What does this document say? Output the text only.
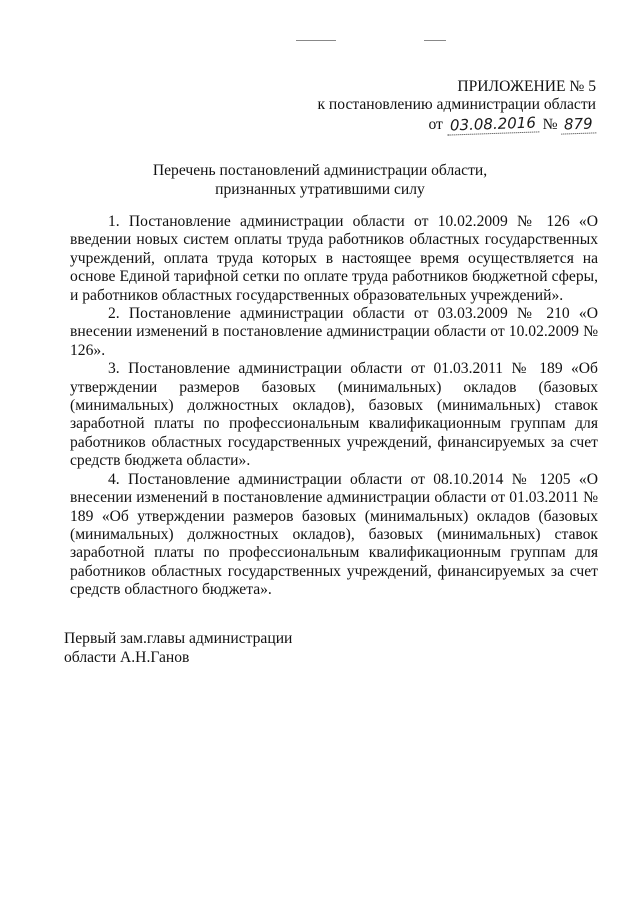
ПРИЛОЖЕНИЕ № 5
к постановлению администрации области
от 03.08.2016 № 879
Перечень постановлений администрации области,
признанных утратившими силу

1. Постановление администрации области от 10.02.2009 № 126 «О введении новых систем оплаты труда работников областных государственных учреждений, оплата труда которых в настоящее время осуществляется на основе Единой тарифной сетки по оплате труда работников бюджетной сферы, и работников областных государственных образовательных учреждений».

2. Постановление администрации области от 03.03.2009 № 210 «О внесении изменений в постановление администрации области от 10.02.2009 № 126».

3. Постановление администрации области от 01.03.2011 № 189 «Об утверждении размеров базовых (минимальных) окладов (базовых (минимальных) должностных окладов), базовых (минимальных) ставок заработной платы по профессиональным квалификационным группам для работников областных государственных учреждений, финансируемых за счет средств бюджета области».

4. Постановление администрации области от 08.10.2014 № 1205 «О внесении изменений в постановление администрации области от 01.03.2011 № 189 «Об утверждении размеров базовых (минимальных) окладов (базовых (минимальных) должностных окладов), базовых (минимальных) ставок заработной платы по профессиональным квалификационным группам для работников областных государственных учреждений, финансируемых за счет средств областного бюджета».

Первый зам.главы администрации
области А.Н.Ганов
